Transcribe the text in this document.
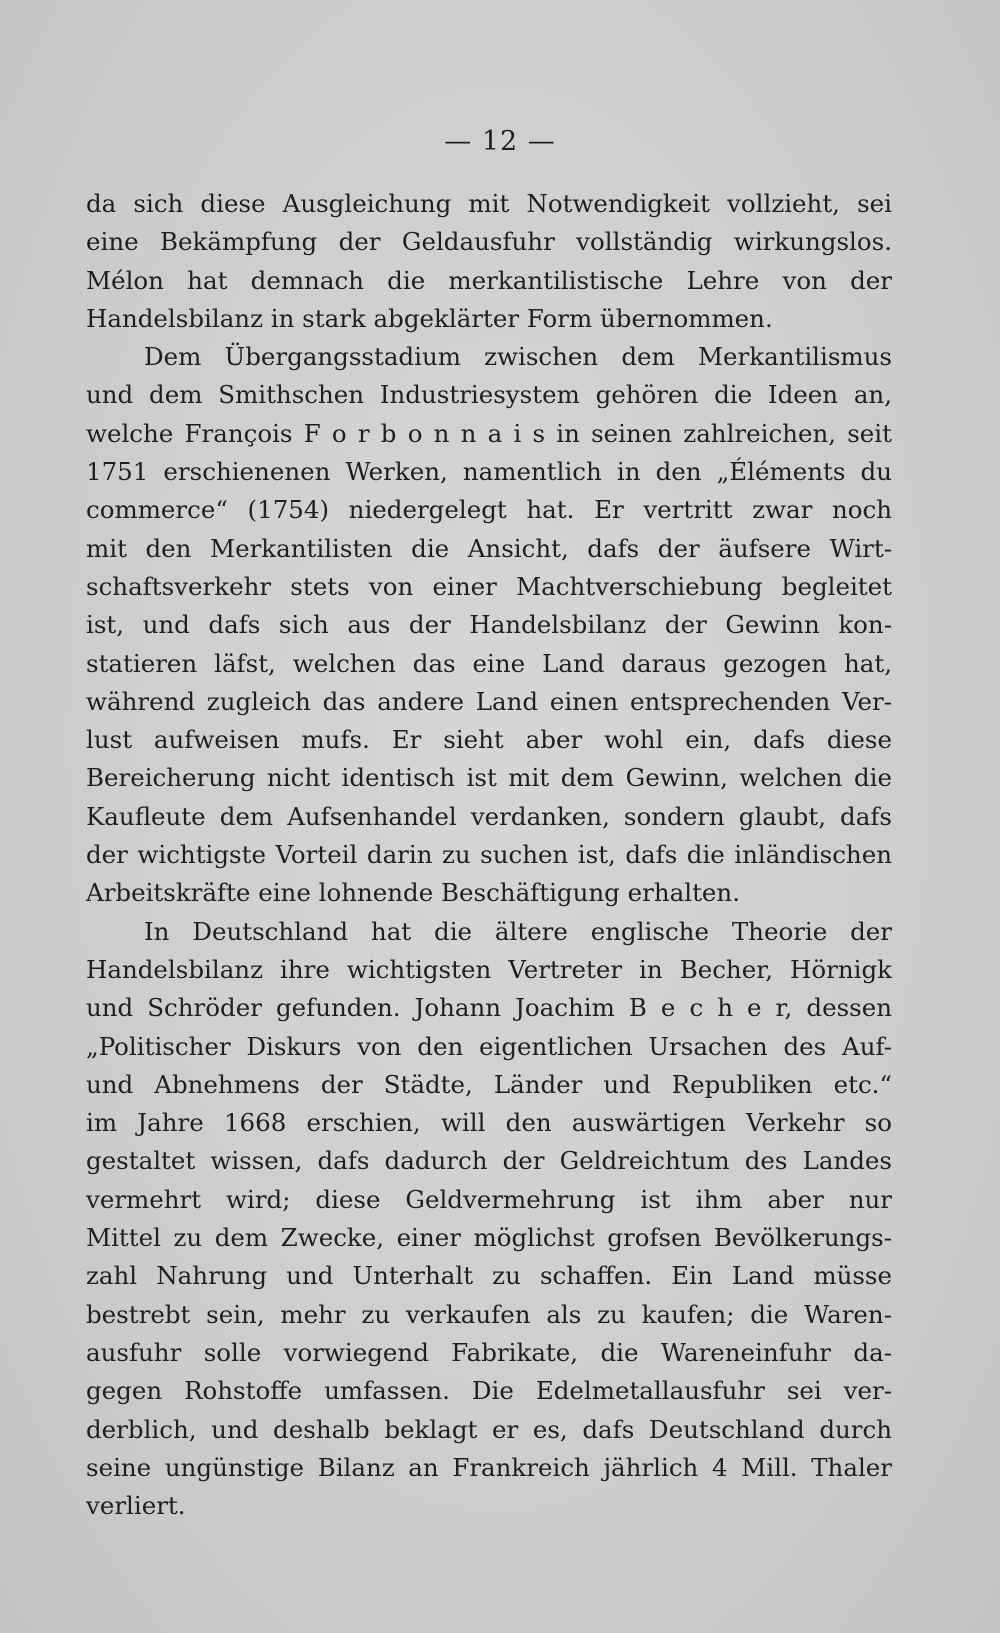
— 12 —
da sich diese Ausgleichung mit Notwendigkeit vollzieht, sei
eine Bekämpfung der Geldausfuhr vollständig wirkungslos.
Mélon hat demnach die merkantilistische Lehre von der
Handelsbilanz in stark abgeklärter Form übernommen.
Dem Übergangsstadium zwischen dem Merkantilismus
und dem Smithschen Industriesystem gehören die Ideen an,
welche François F o r b o n n a i s in seinen zahlreichen, seit
1751 erschienenen Werken, namentlich in den „Éléments du
commerce“ (1754) niedergelegt hat. Er vertritt zwar noch
mit den Merkantilisten die Ansicht, dafs der äufsere Wirt-
schaftsverkehr stets von einer Machtverschiebung begleitet
ist, und dafs sich aus der Handelsbilanz der Gewinn kon-
statieren läfst, welchen das eine Land daraus gezogen hat,
während zugleich das andere Land einen entsprechenden Ver-
lust aufweisen mufs. Er sieht aber wohl ein, dafs diese
Bereicherung nicht identisch ist mit dem Gewinn, welchen die
Kaufleute dem Aufsenhandel verdanken, sondern glaubt, dafs
der wichtigste Vorteil darin zu suchen ist, dafs die inländischen
Arbeitskräfte eine lohnende Beschäftigung erhalten.
In Deutschland hat die ältere englische Theorie der
Handelsbilanz ihre wichtigsten Vertreter in Becher, Hörnigk
und Schröder gefunden. Johann Joachim B e c h e r, dessen
„Politischer Diskurs von den eigentlichen Ursachen des Auf-
und Abnehmens der Städte, Länder und Republiken etc.“
im Jahre 1668 erschien, will den auswärtigen Verkehr so
gestaltet wissen, dafs dadurch der Geldreichtum des Landes
vermehrt wird; diese Geldvermehrung ist ihm aber nur
Mittel zu dem Zwecke, einer möglichst grofsen Bevölkerungs-
zahl Nahrung und Unterhalt zu schaffen. Ein Land müsse
bestrebt sein, mehr zu verkaufen als zu kaufen; die Waren-
ausfuhr solle vorwiegend Fabrikate, die Wareneinfuhr da-
gegen Rohstoffe umfassen. Die Edelmetallausfuhr sei ver-
derblich, und deshalb beklagt er es, dafs Deutschland durch
seine ungünstige Bilanz an Frankreich jährlich 4 Mill. Thaler
verliert.
